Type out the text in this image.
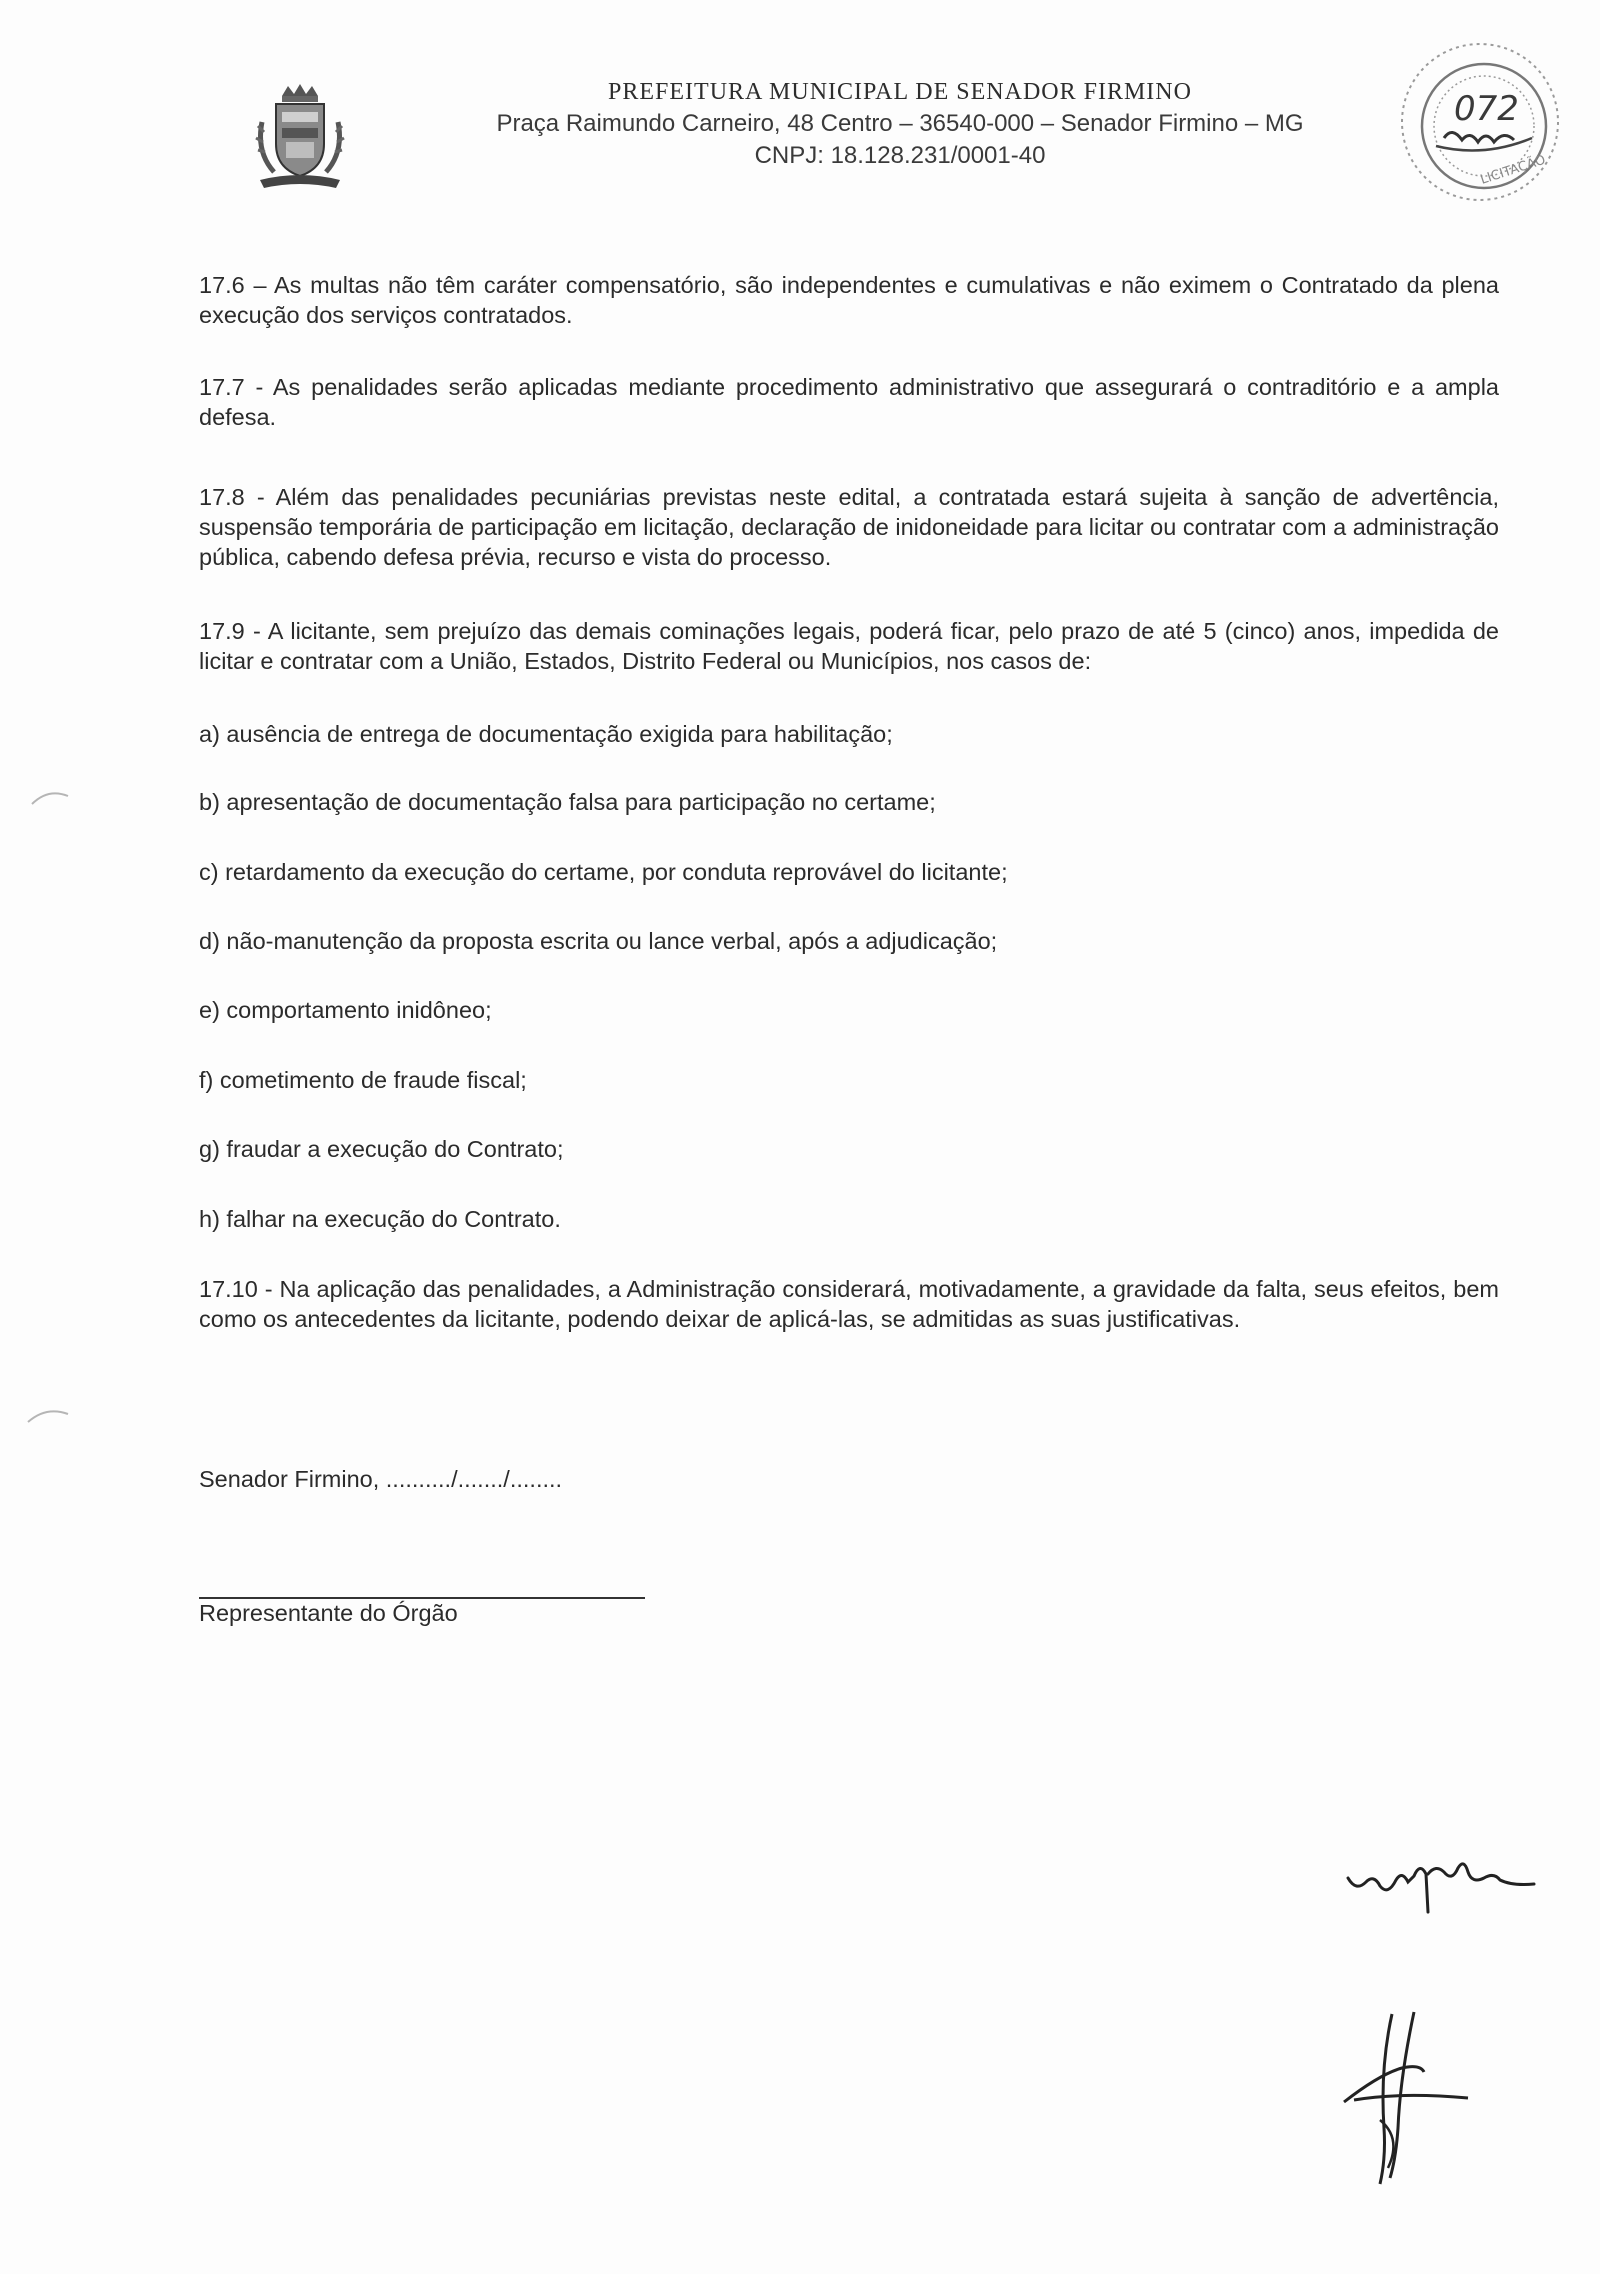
PREFEITURA MUNICIPAL DE SENADOR FIRMINO
Praça Raimundo Carneiro, 48 Centro – 36540-000 – Senador Firmino – MG
CNPJ: 18.128.231/0001-40
072
LICITAÇÃO

17.6 – As multas não têm caráter compensatório, são independentes e cumulativas e não eximem o Contratado da plena execução dos serviços contratados.

17.7 - As penalidades serão aplicadas mediante procedimento administrativo que assegurará o contraditório e a ampla defesa.

17.8 - Além das penalidades pecuniárias previstas neste edital, a contratada estará sujeita à sanção de advertência, suspensão temporária de participação em licitação, declaração de inidoneidade para licitar ou contratar com a administração pública, cabendo defesa prévia, recurso e vista do processo.

17.9 - A licitante, sem prejuízo das demais cominações legais, poderá ficar, pelo prazo de até 5 (cinco) anos, impedida de licitar e contratar com a União, Estados, Distrito Federal ou Municípios, nos casos de:

a) ausência de entrega de documentação exigida para habilitação;
b) apresentação de documentação falsa para participação no certame;
c) retardamento da execução do certame, por conduta reprovável do licitante;
d) não-manutenção da proposta escrita ou lance verbal, após a adjudicação;
e) comportamento inidôneo;
f) cometimento de fraude fiscal;
g) fraudar a execução do Contrato;
h) falhar na execução do Contrato.

17.10 - Na aplicação das penalidades, a Administração considerará, motivadamente, a gravidade da falta, seus efeitos, bem como os antecedentes da licitante, podendo deixar de aplicá-las, se admitidas as suas justificativas.

Senador Firmino, ........../......./........
Representante do Órgão
